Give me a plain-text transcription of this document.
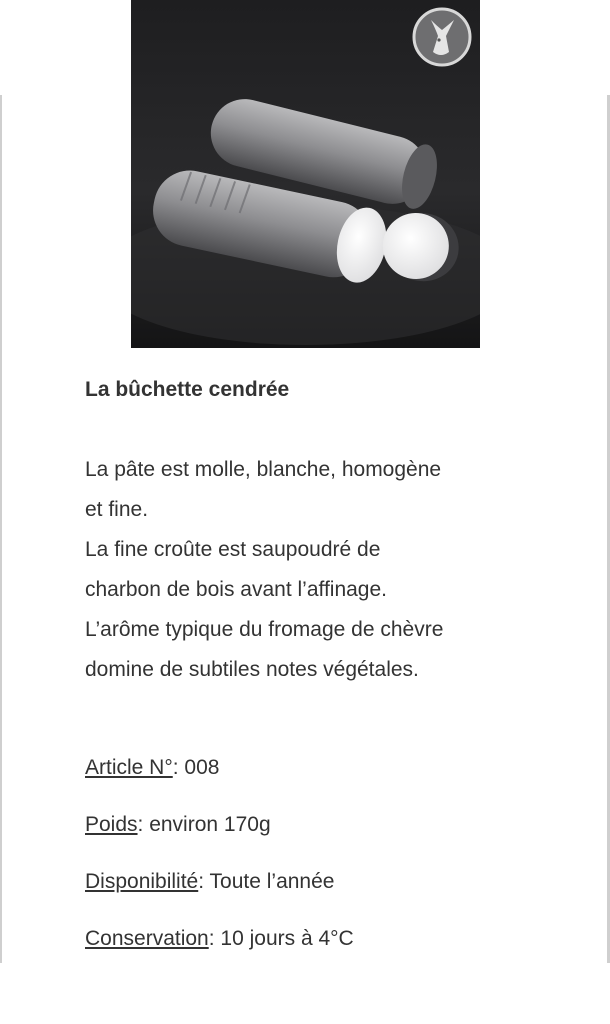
La bûchette cendrée
La pâte est molle, blanche, homogène
et fine.
La fine croûte est saupoudré de
charbon de bois avant l’affinage.
L’arôme typique du fromage de chèvre
domine de subtiles notes végétales.
Article N°: 008
Poids: environ 170g
Disponibilité: Toute l’année
Conservation: 10 jours à 4°C
